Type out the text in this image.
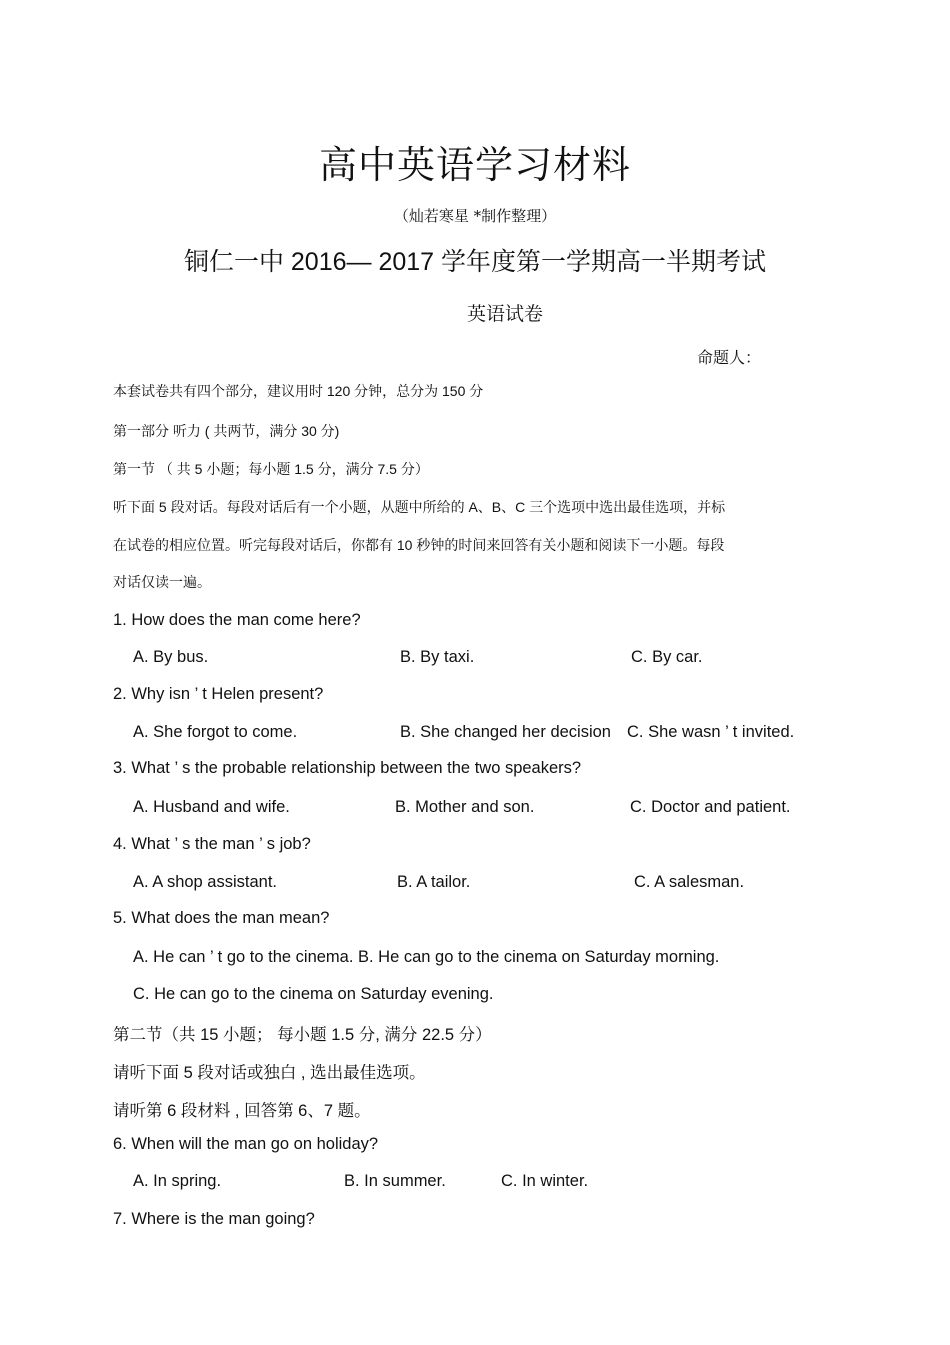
高中英语学习材料
（灿若寒星 *制作整理）
铜仁一中 2016— 2017 学年度第一学期高一半期考试
英语试卷
命题人：
本套试卷共有四个部分，建议用时 120 分钟，总分为 150 分
第一部分 听力 ( 共两节，满分 30 分)
第一节 （ 共 5 小题；每小题 1.5 分，满分 7.5 分）
听下面 5 段对话。每段对话后有一个小题，从题中所给的 A、B、C 三个选项中选出最佳选项，并标
在试卷的相应位置。听完每段对话后，你都有 10 秒钟的时间来回答有关小题和阅读下一小题。每段
对话仅读一遍。
1. How does the man come here?
A. By bus.	B. By taxi.	C. By car.
2. Why isn ’ t Helen present?
A. She forgot to come.	B. She changed her decision C. She wasn ’ t invited.
3. What ’ s the probable relationship between the two speakers?
A. Husband and wife.	B. Mother and son.	C. Doctor and patient.
4. What ’ s the man ’ s job?
A. A shop assistant.	B. A tailor.	C. A salesman.
5. What does the man mean?
A. He can ’ t go to the cinema. B. He can go to the cinema on Saturday morning.
C. He can go to the cinema on Saturday evening.
第二节（共 15 小题； 每小题 1.5 分, 满分 22.5 分）
请听下面 5 段对话或独白 , 选出最佳选项。
请听第 6 段材料 , 回答第 6、7 题。
6. When will the man go on holiday?
A. In spring.	B. In summer.	C. In winter.
7. Where is the man going?
